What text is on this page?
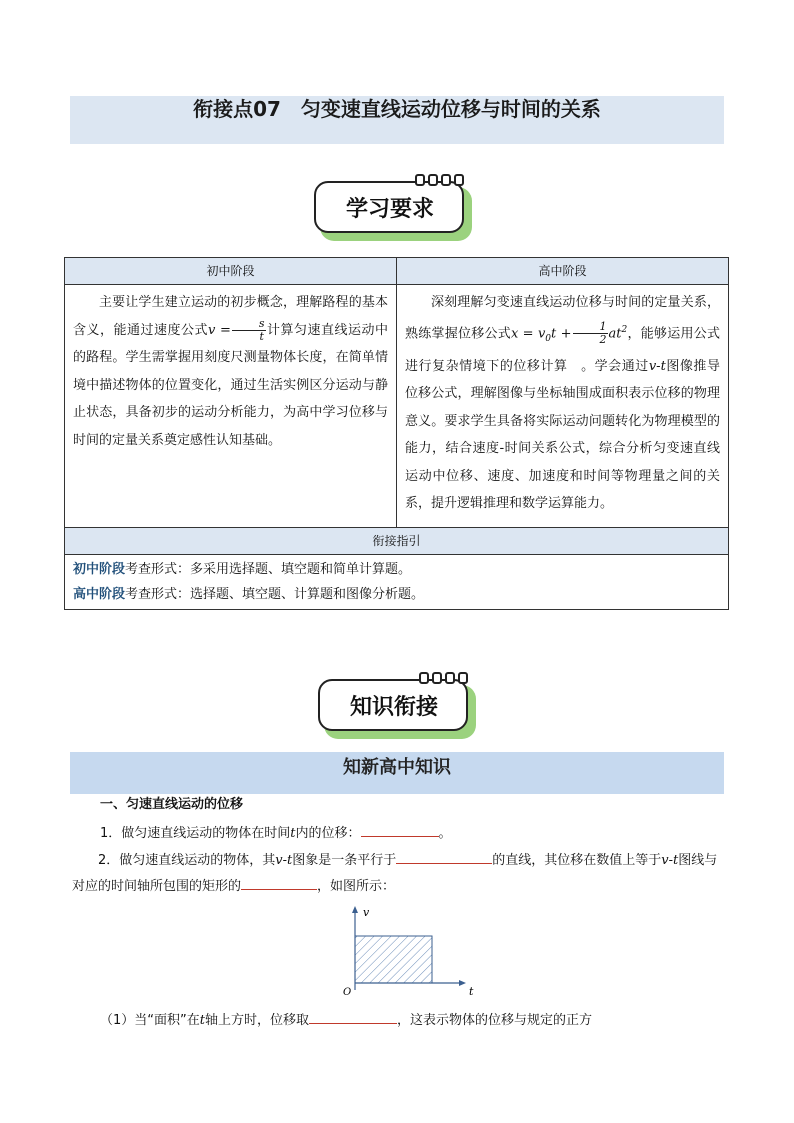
衔接点07　匀变速直线运动位移与时间的关系
学习要求
初中阶段	高中阶段

主要让学生建立运动的初步概念，理解路程的基本含义，能通过速度公式$v = \frac{s}{t}$ 计算匀速直线运动中的路程。学生需掌握用刻度尺测量物体长度，在简单情境中描述物体的位置变化，通过生活实例区分运动与静止状态，具备初步的运动分析能力，为高中学习位移与时间的定量关系奠定感性认知基础。	深刻理解匀变速直线运动位移与时间的定量关系，熟练掌握位移公式$x = v_0t + \frac{1}{2} at^2$，能够运用公式进行复杂情境下的位移计算　。学会通过v-t图像推导位移公式，理解图像与坐标轴围成面积表示位移的物理意义。要求学生具备将实际运动问题转化为物理模型的能力，结合速度-时间关系公式，综合分析匀变速直线运动中位移、速度、加速度和时间等物理量之间的关系，提升逻辑推理和数学运算能力。

衔接指引	

初中阶段考查形式：多采用选择题、填空题和简单计算题。
高中阶段考查形式：选择题、填空题、计算题和图像分析题。	
知识衔接
知新高中知识
一、匀速直线运动的位移
1．做匀速直线运动的物体在时间t内的位移：	。
2．做匀速直线运动的物体，其v-t图象是一条平行于	的直线，其位移在数值上等于v-t图线与对应的时间轴所包围的矩形的	，如图所示：
v
t
O
（1）当“面积”在t轴上方时，位移取	，这表示物体的位移与规定的正方
